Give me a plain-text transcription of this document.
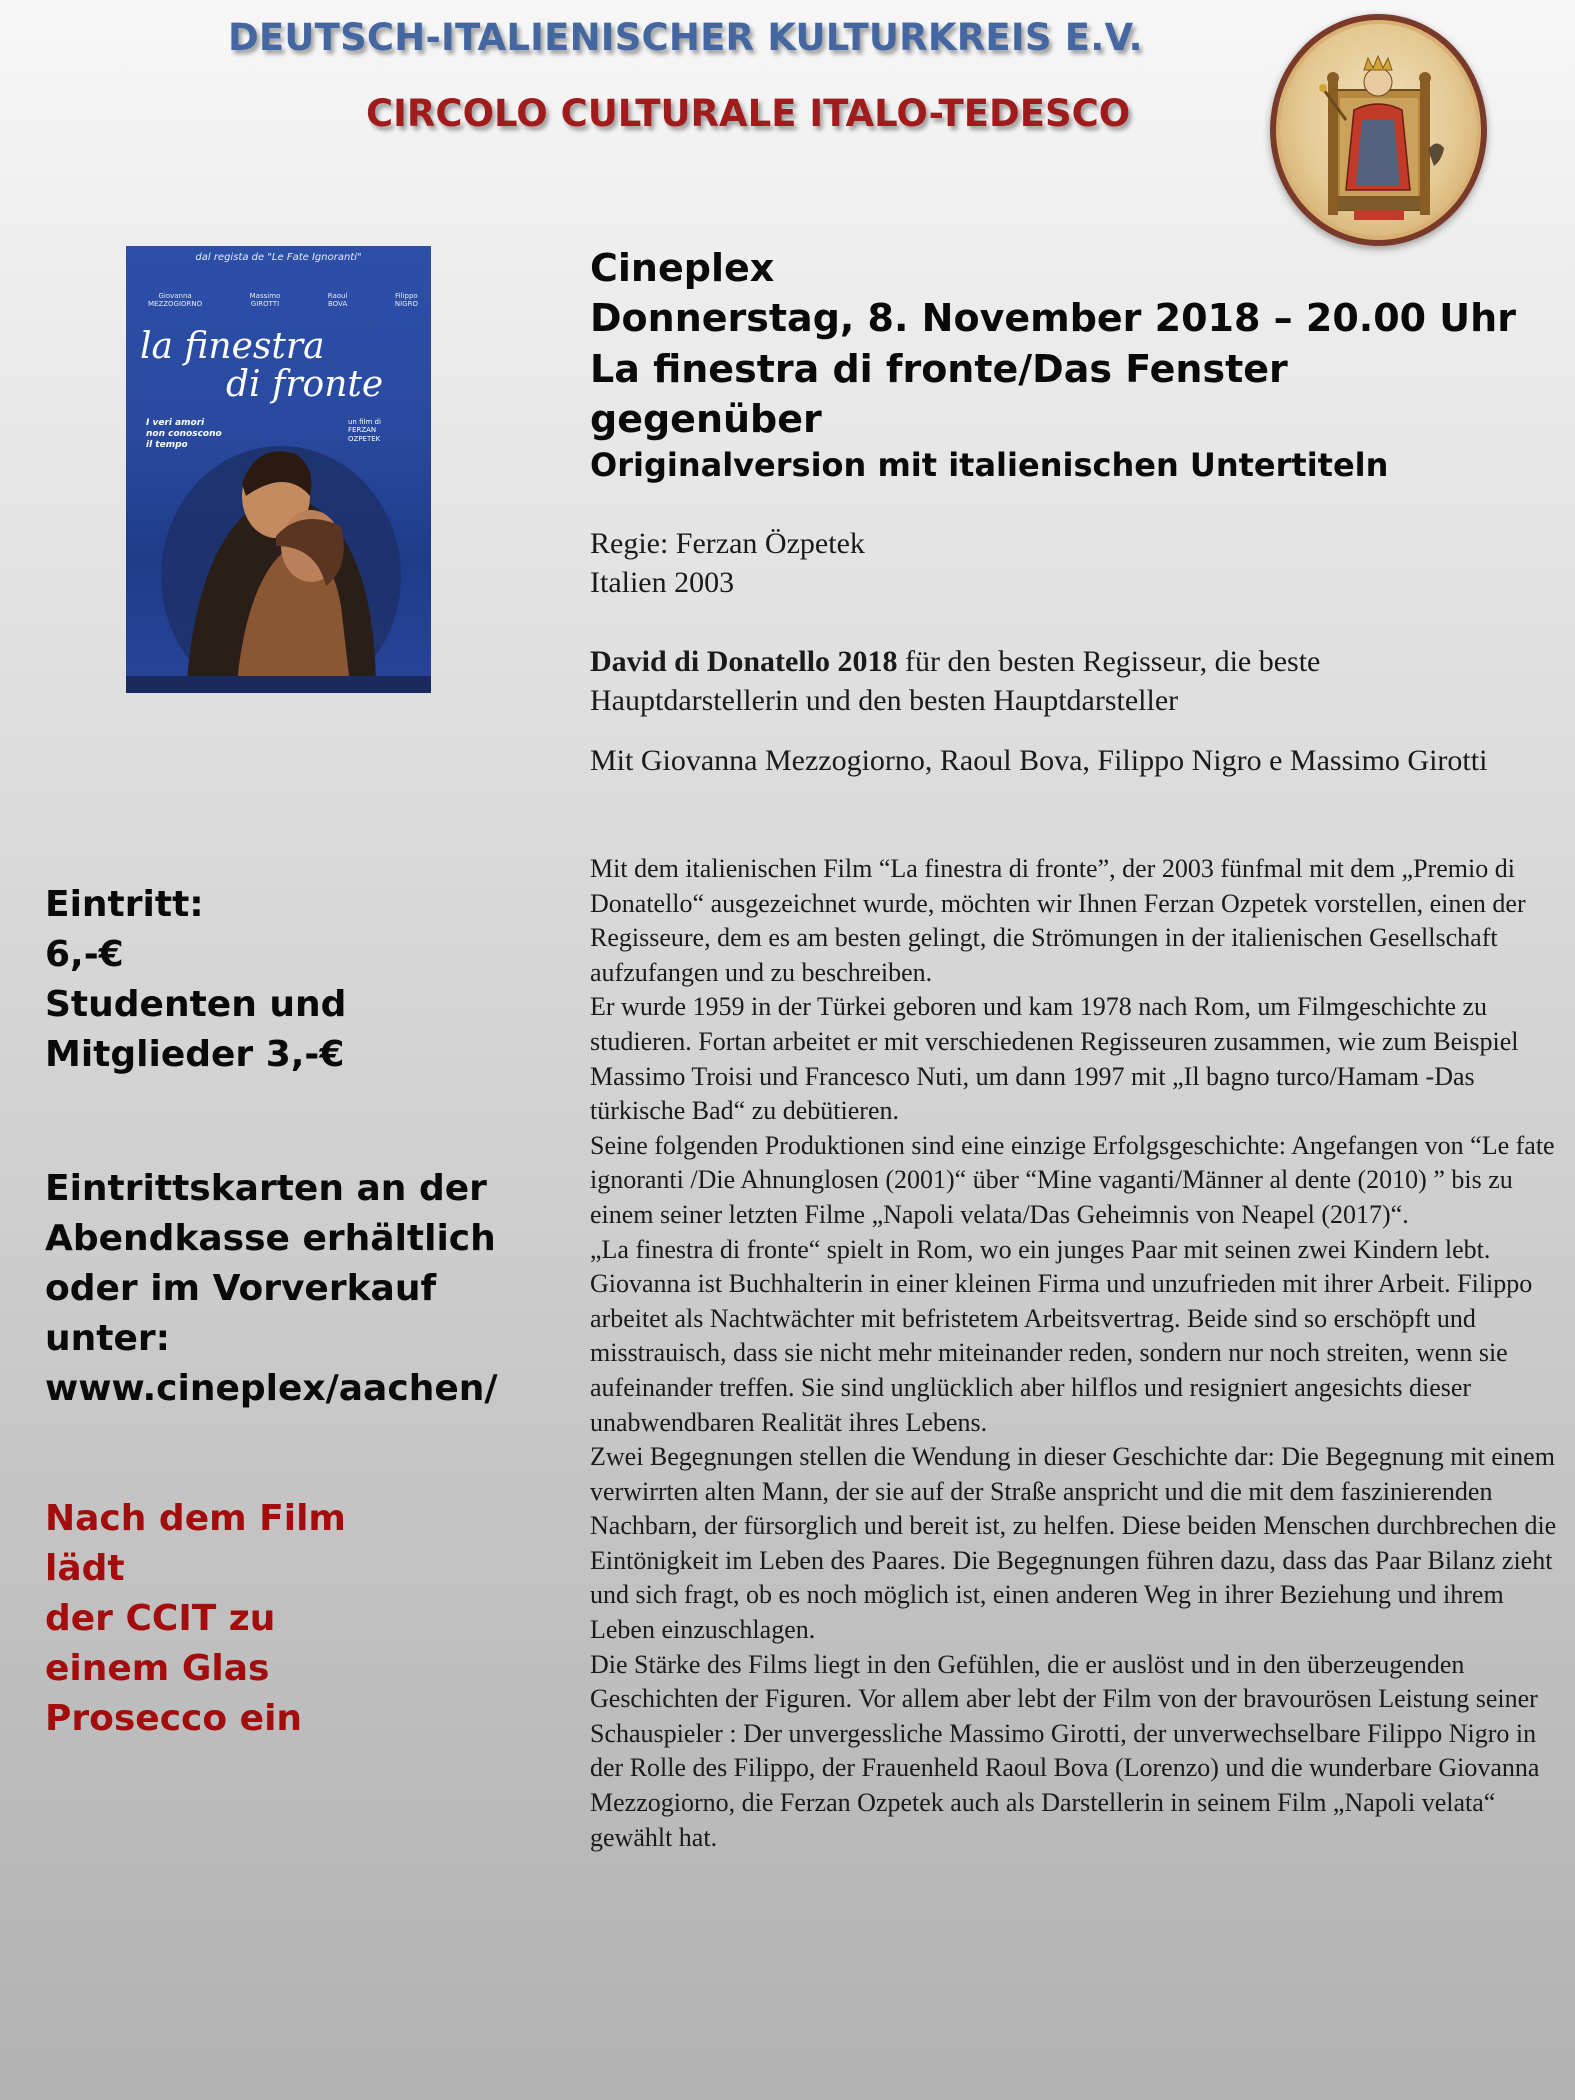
DEUTSCH-ITALIENISCHER KULTURKREIS E.V.
CIRCOLO CULTURALE ITALO-TEDESCO
dal regista de "Le Fate Ignoranti"
Giovanna
MEZZOGIORNO
Massimo
GIROTTI
Raoul
BOVA
Filippo
NIGRO
la finestra
di fronte
I veri amori
non conoscono
il tempo
un film di
FERZAN
OZPETEK
Cineplex
Donnerstag, 8. November 2018 – 20.00 Uhr
La finestra di fronte/Das Fenster
gegenüber
Originalversion mit italienischen Untertiteln
Regie: Ferzan Özpetek
Italien 2003
David di Donatello 2018 für den besten Regisseur, die beste Hauptdarstellerin und den besten Hauptdarsteller
Mit Giovanna Mezzogiorno, Raoul Bova, Filippo Nigro e Massimo Girotti

Mit dem italienischen Film “La finestra di fronte”, der 2003 fünfmal mit dem „Premio di Donatello“ ausgezeichnet wurde, möchten wir Ihnen Ferzan Ozpetek vorstellen, einen der Regisseure, dem es am besten gelingt, die Strömungen in der italienischen Gesellschaft aufzufangen und zu beschreiben.

Er wurde 1959 in der Türkei geboren und kam 1978 nach Rom, um Filmgeschichte zu studieren. Fortan arbeitet er mit verschiedenen Regisseuren zusammen, wie zum Beispiel Massimo Troisi und Francesco Nuti, um dann 1997 mit „Il bagno turco/Hamam -Das türkische Bad“ zu debütieren.

Seine folgenden Produktionen sind eine einzige Erfolgsgeschichte: Angefangen von “Le fate ignoranti /Die Ahnunglosen (2001)“ über “Mine vaganti/Männer al dente (2010) ” bis zu einem seiner letzten Filme „Napoli velata/Das Geheimnis von Neapel (2017)“.

„La finestra di fronte“ spielt in Rom, wo ein junges Paar mit seinen zwei Kindern lebt. Giovanna ist Buchhalterin in einer kleinen Firma und unzufrieden mit ihrer Arbeit. Filippo arbeitet als Nachtwächter mit befristetem Arbeitsvertrag. Beide sind so erschöpft und misstrauisch, dass sie nicht mehr miteinander reden, sondern nur noch streiten, wenn sie aufeinander treffen. Sie sind unglücklich aber hilflos und resigniert angesichts dieser unabwendbaren Realität ihres Lebens.

Zwei Begegnungen stellen die Wendung in dieser Geschichte dar: Die Begegnung mit einem verwirrten alten Mann, der sie auf der Straße anspricht und die mit dem faszinierenden Nachbarn, der fürsorglich und bereit ist, zu helfen. Diese beiden Menschen durchbrechen die Eintönigkeit im Leben des Paares. Die Begegnungen führen dazu, dass das Paar Bilanz zieht und sich fragt, ob es noch möglich ist, einen anderen Weg in ihrer Beziehung und ihrem Leben einzuschlagen.

Die Stärke des Films liegt in den Gefühlen, die er auslöst und in den überzeugenden Geschichten der Figuren. Vor allem aber lebt der Film von der bravourösen Leistung seiner Schauspieler : Der unvergessliche Massimo Girotti, der unverwechselbare Filippo Nigro in der Rolle des Filippo, der Frauenheld Raoul Bova (Lorenzo) und die wunderbare Giovanna Mezzogiorno, die Ferzan Ozpetek auch als Darstellerin in seinem Film „Napoli velata“ gewählt hat.

Eintritt:
6,-€
Studenten und
Mitglieder 3,-€
Eintrittskarten an der
Abendkasse erhältlich
oder im Vorverkauf
unter:
www.cineplex/aachen/
Nach dem Film
lädt
der CCIT zu
einem Glas
Prosecco ein
